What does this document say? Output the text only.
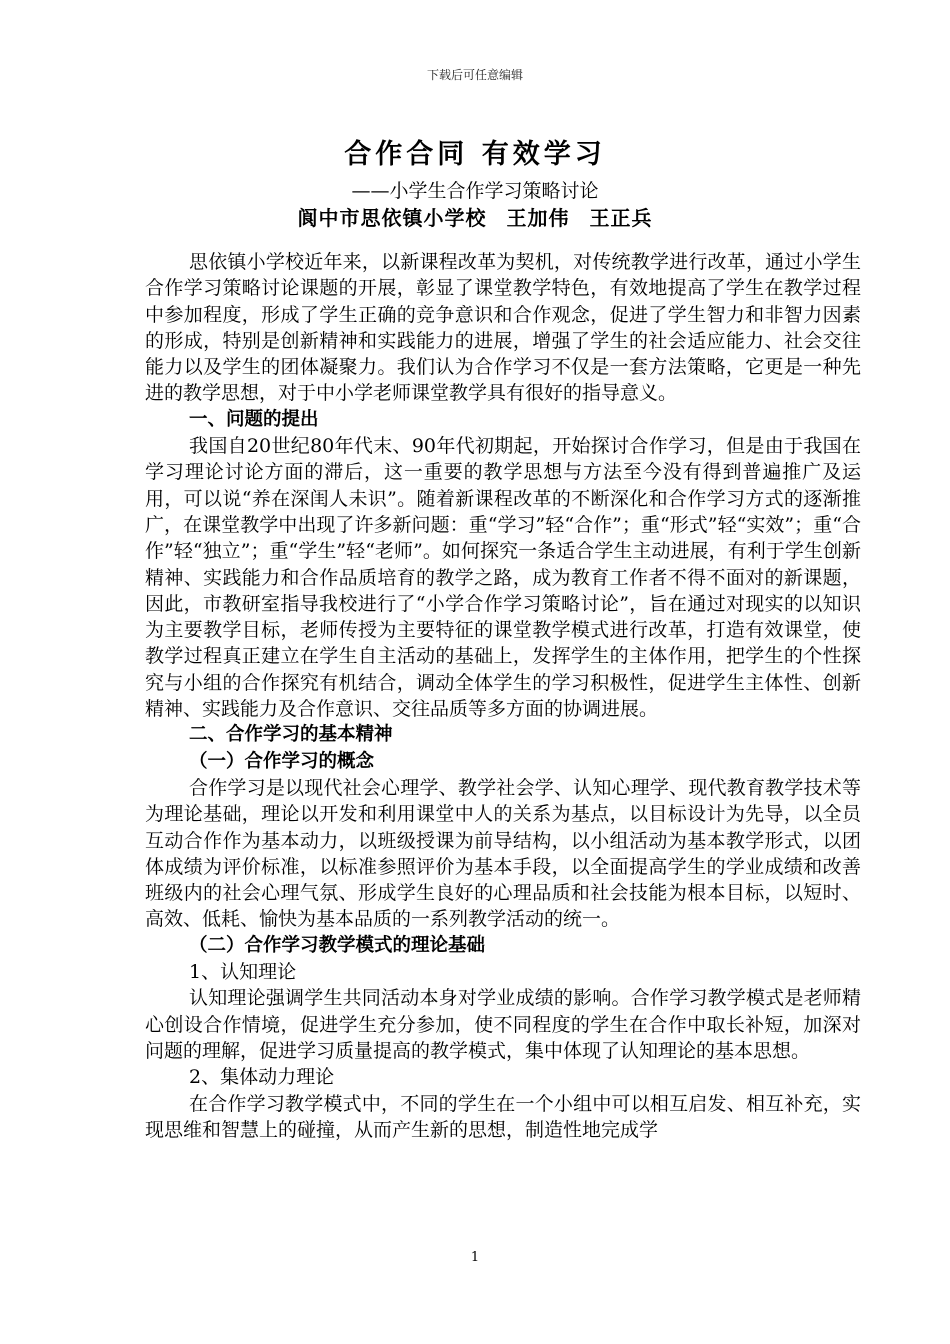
下载后可任意编辑
合作合同 有效学习
——小学生合作学习策略讨论
阆中市思依镇小学校 王加伟 王正兵

思依镇小学校近年来，以新课程改革为契机，对传统教学进行改革，通过小学生合作学习策略讨论课题的开展，彰显了课堂教学特色，有效地提高了学生在教学过程中参加程度，形成了学生正确的竞争意识和合作观念，促进了学生智力和非智力因素的形成，特别是创新精神和实践能力的进展，增强了学生的社会适应能力、社会交往能力以及学生的团体凝聚力。我们认为合作学习不仅是一套方法策略，它更是一种先进的教学思想，对于中小学老师课堂教学具有很好的指导意义。

一、问题的提出

我国自20世纪80年代末、90年代初期起，开始探讨合作学习，但是由于我国在学习理论讨论方面的滞后，这一重要的教学思想与方法至今没有得到普遍推广及运用，可以说“养在深闺人未识”。随着新课程改革的不断深化和合作学习方式的逐渐推广，在课堂教学中出现了许多新问题：重“学习”轻“合作”；重“形式”轻“实效”；重“合作”轻“独立”；重“学生”轻“老师”。如何探究一条适合学生主动进展，有利于学生创新精神、实践能力和合作品质培育的教学之路，成为教育工作者不得不面对的新课题，因此，市教研室指导我校进行了“小学合作学习策略讨论”，旨在通过对现实的以知识为主要教学目标，老师传授为主要特征的课堂教学模式进行改革，打造有效课堂，使教学过程真正建立在学生自主活动的基础上，发挥学生的主体作用，把学生的个性探究与小组的合作探究有机结合，调动全体学生的学习积极性，促进学生主体性、创新精神、实践能力及合作意识、交往品质等多方面的协调进展。

二、合作学习的基本精神

（一）合作学习的概念

合作学习是以现代社会心理学、教学社会学、认知心理学、现代教育教学技术等为理论基础，理论以开发和利用课堂中人的关系为基点，以目标设计为先导，以全员互动合作作为基本动力，以班级授课为前导结构，以小组活动为基本教学形式，以团体成绩为评价标准，以标准参照评价为基本手段，以全面提高学生的学业成绩和改善班级内的社会心理气氛、形成学生良好的心理品质和社会技能为根本目标，以短时、高效、低耗、愉快为基本品质的一系列教学活动的统一。

（二）合作学习教学模式的理论基础

1、认知理论

认知理论强调学生共同活动本身对学业成绩的影响。合作学习教学模式是老师精心创设合作情境，促进学生充分参加，使不同程度的学生在合作中取长补短，加深对问题的理解，促进学习质量提高的教学模式，集中体现了认知理论的基本思想。

2、集体动力理论

在合作学习教学模式中，不同的学生在一个小组中可以相互启发、相互补充，实现思维和智慧上的碰撞，从而产生新的思想，制造性地完成学

1
